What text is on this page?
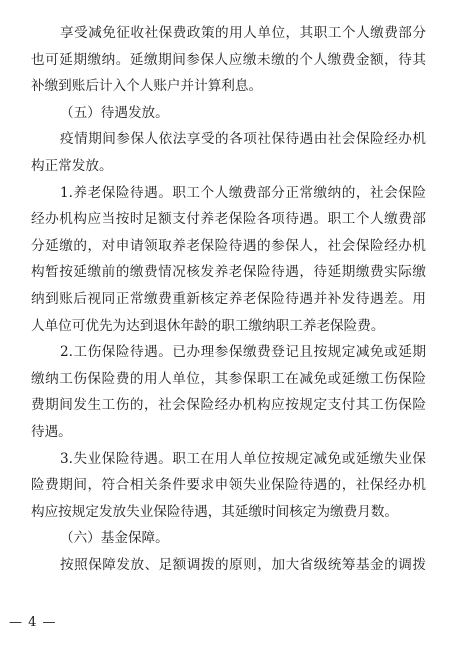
享受减免征收社保费政策的用人单位，其职工个人缴费部分
也可延期缴纳。延缴期间参保人应缴未缴的个人缴费金额，待其
补缴到账后计入个人账户并计算利息。
（五）待遇发放。
疫情期间参保人依法享受的各项社保待遇由社会保险经办机
构正常发放。
1.养老保险待遇。职工个人缴费部分正常缴纳的，社会保险
经办机构应当按时足额支付养老保险各项待遇。职工个人缴费部
分延缴的，对申请领取养老保险待遇的参保人，社会保险经办机
构暂按延缴前的缴费情况核发养老保险待遇，待延期缴费实际缴
纳到账后视同正常缴费重新核定养老保险待遇并补发待遇差。用
人单位可优先为达到退休年龄的职工缴纳职工养老保险费。
2.工伤保险待遇。已办理参保缴费登记且按规定减免或延期
缴纳工伤保险费的用人单位，其参保职工在减免或延缴工伤保险
费期间发生工伤的，社会保险经办机构应按规定支付其工伤保险
待遇。
3.失业保险待遇。职工在用人单位按规定减免或延缴失业保
险费期间，符合相关条件要求申领失业保险待遇的，社保经办机
构应按规定发放失业保险待遇，其延缴时间核定为缴费月数。
（六）基金保障。
按照保障发放、足额调拨的原则，加大省级统筹基金的调拨
— 4 —
